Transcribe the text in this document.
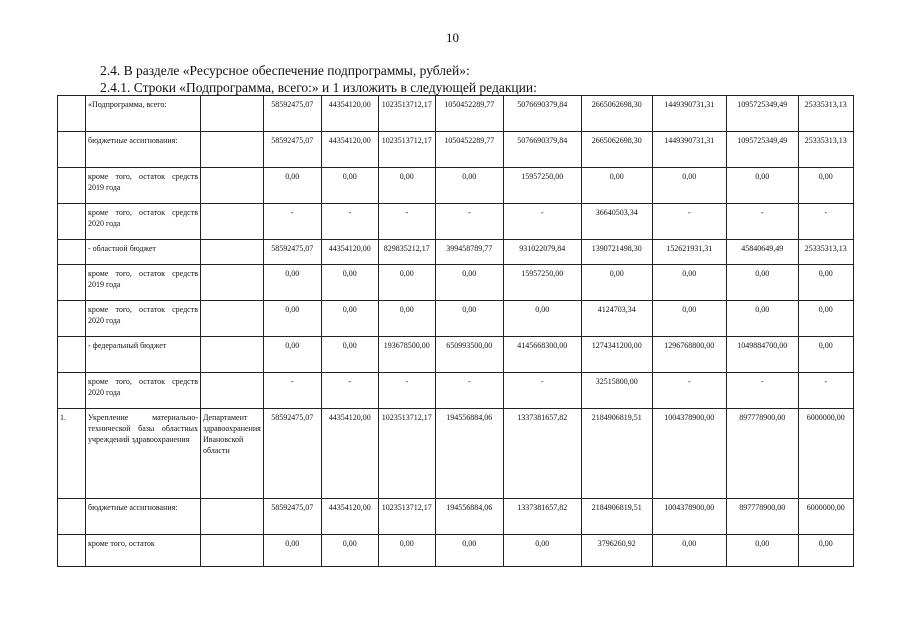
10
2.4. В разделе «Ресурсное обеспечение подпрограммы, рублей»:
2.4.1. Строки «Подпрограмма, всего:» и 1 изложить в следующей редакции:
	«Подпрограмма, всего:		58592475,07	44354120,00	1023513712,17	1050452289,77	5076690379,84	2665062698,30	1449390731,31	1095725349,49	25335313,13
	бюджетные ассигнования:		58592475,07	44354120,00	1023513712,17	1050452289,77	5076690379,84	2665062698,30	1449390731,31	1095725349,49	25335313,13
	кроме того, остаток средств 2019 года		0,00	0,00	0,00	0,00	15957250,00	0,00	0,00	0,00	0,00
	кроме того, остаток средств 2020 года		-	-	-	-	-	36640503,34	-	-	-
	- областной бюджет		58592475,07	44354120,00	829835212,17	399458789,77	931022079,84	1390721498,30	152621931,31	45840649,49	25335313,13
	кроме того, остаток средств 2019 года		0,00	0,00	0,00	0,00	15957250,00	0,00	0,00	0,00	0,00
	кроме того, остаток средств 2020 года		0,00	0,00	0,00	0,00	0,00	4124703,34	0,00	0,00	0,00
	- федеральный бюджет		0,00	0,00	193678500,00	650993500,00	4145668300,00	1274341200,00	1296768800,00	1049884700,00	0,00
	кроме того, остаток средств 2020 года		-	-	-	-	-	32515800,00	-	-	-
1.	Укрепление материально-технической базы областных учреждений здравоохранения	Департамент здравоохранения Ивановской области	58592475,07	44354120,00	1023513712,17	194556884,06	1337381657,82	2184906819,51	1004378900,00	897778900,00	6000000,00
	бюджетные ассигнования:		58592475,07	44354120,00	1023513712,17	194556884,06	1337381657,82	2184906819,51	1004378900,00	897778900,00	6000000,00
	кроме того, остаток		0,00	0,00	0,00	0,00	0,00	3796260,92	0,00	0,00	0,00
